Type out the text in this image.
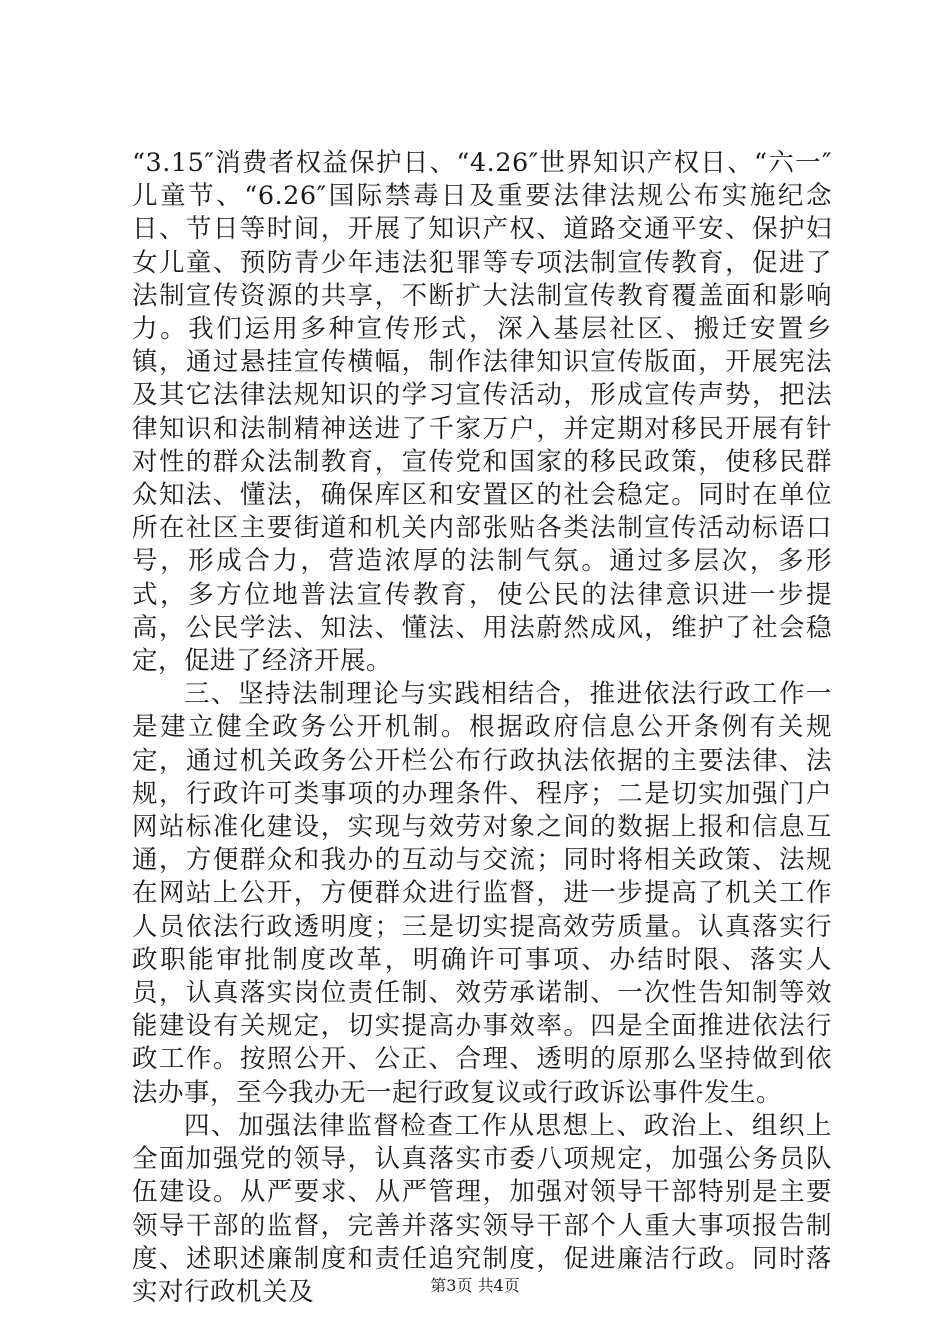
“3.15″消费者权益保护日、“4.26″世界知识产权日、“六一″儿童节、“6.26″国际禁毒日及重要法律法规公布实施纪念日、节日等时间，开展了知识产权、道路交通平安、保护妇女儿童、预防青少年违法犯罪等专项法制宣传教育，促进了法制宣传资源的共享，不断扩大法制宣传教育覆盖面和影响力。我们运用多种宣传形式，深入基层社区、搬迁安置乡镇，通过悬挂宣传横幅，制作法律知识宣传版面，开展宪法及其它法律法规知识的学习宣传活动，形成宣传声势，把法律知识和法制精神送进了千家万户，并定期对移民开展有针对性的群众法制教育，宣传党和国家的移民政策，使移民群众知法、懂法，确保库区和安置区的社会稳定。同时在单位所在社区主要街道和机关内部张贴各类法制宣传活动标语口号，形成合力，营造浓厚的法制气氛。通过多层次，多形式，多方位地普法宣传教育，使公民的法律意识进一步提高，公民学法、知法、懂法、用法蔚然成风，维护了社会稳定，促进了经济开展。

三、坚持法制理论与实践相结合，推进依法行政工作一是建立健全政务公开机制。根据政府信息公开条例有关规定，通过机关政务公开栏公布行政执法依据的主要法律、法规，行政许可类事项的办理条件、程序；二是切实加强门户网站标准化建设，实现与效劳对象之间的数据上报和信息互通，方便群众和我办的互动与交流；同时将相关政策、法规在网站上公开，方便群众进行监督，进一步提高了机关工作人员依法行政透明度；三是切实提高效劳质量。认真落实行政职能审批制度改革，明确许可事项、办结时限、落实人员，认真落实岗位责任制、效劳承诺制、一次性告知制等效能建设有关规定，切实提高办事效率。四是全面推进依法行政工作。按照公开、公正、合理、透明的原那么坚持做到依法办事，至今我办无一起行政复议或行政诉讼事件发生。

四、加强法律监督检查工作从思想上、政治上、组织上全面加强党的领导，认真落实市委八项规定，加强公务员队伍建设。从严要求、从严管理，加强对领导干部特别是主要领导干部的监督，完善并落实领导干部个人重大事项报告制度、述职述廉制度和责任追究制度，促进廉洁行政。同时落实对行政机关及	第3页 共4页
